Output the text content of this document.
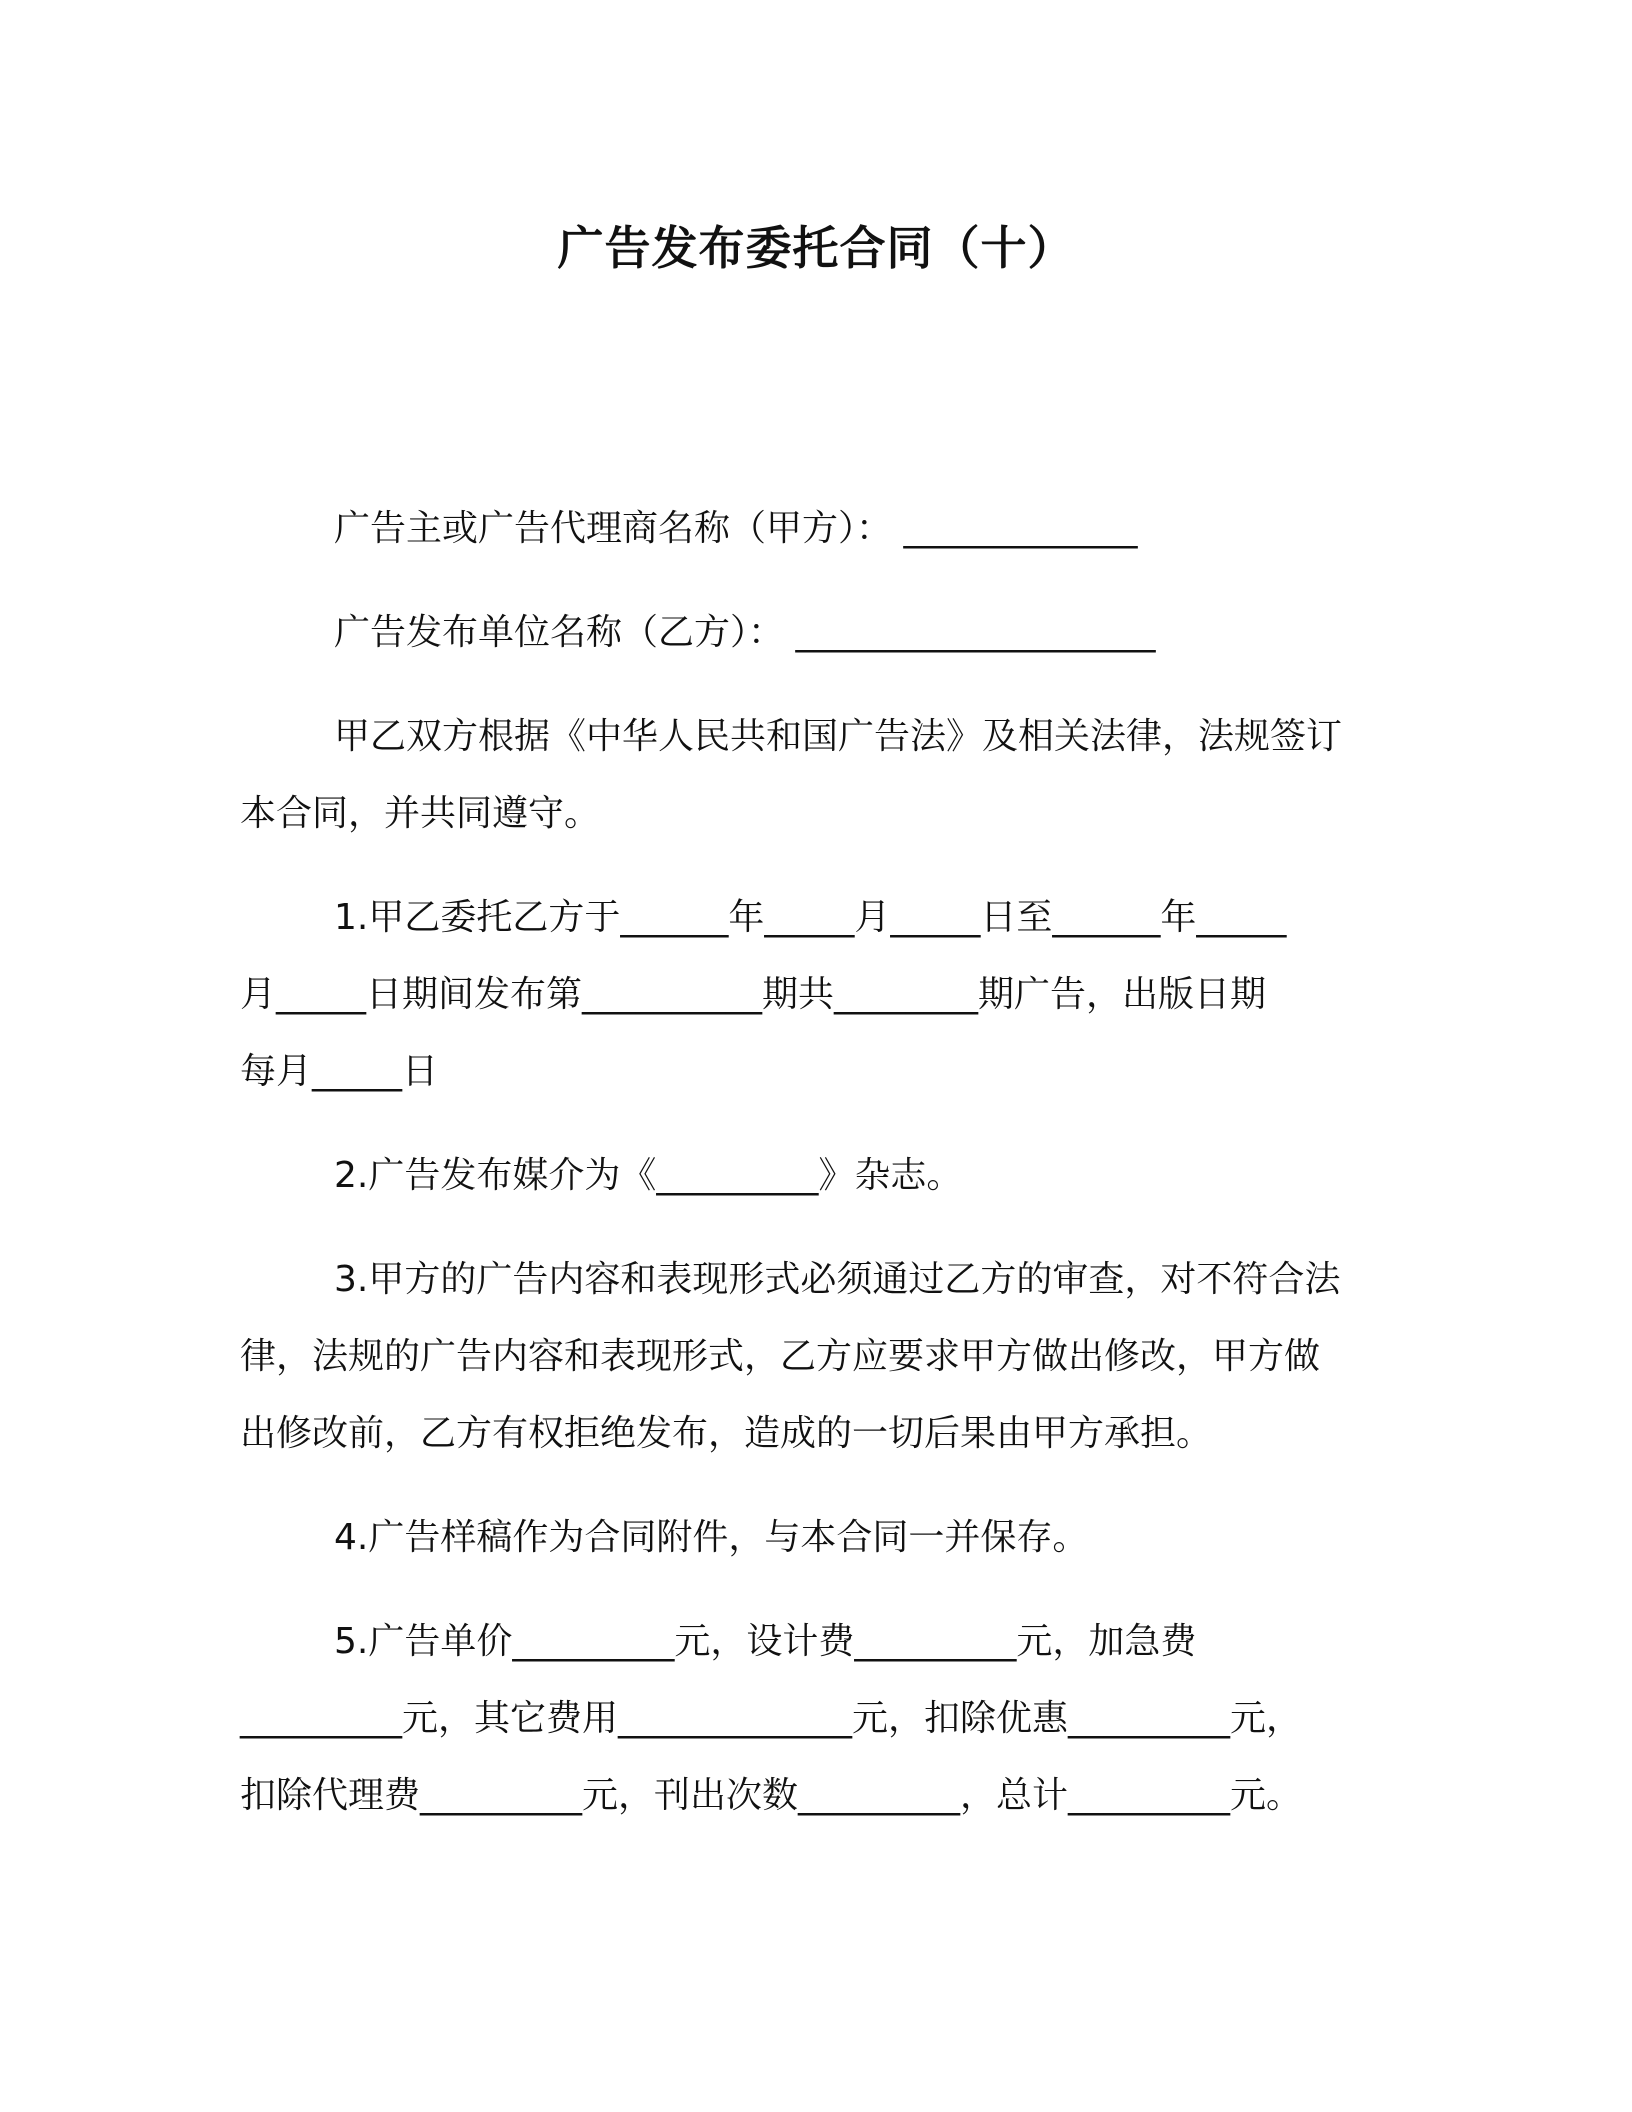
广告发布委托合同（十）

广告主或广告代理商名称（甲方）： _____________

广告发布单位名称（乙方）： ____________________

甲乙双方根据《中华人民共和国广告法》及相关法律，法规签订
本合同，并共同遵守。

1.甲乙委托乙方于______年_____月_____日至______年_____
月_____日期间发布第__________期共________期广告，出版日期
每月_____日

2.广告发布媒介为《_________》杂志。

3.甲方的广告内容和表现形式必须通过乙方的审查，对不符合法
律，法规的广告内容和表现形式，乙方应要求甲方做出修改，甲方做
出修改前，乙方有权拒绝发布，造成的一切后果由甲方承担。

4.广告样稿作为合同附件，与本合同一并保存。

5.广告单价_________元，设计费_________元，加急费
_________元，其它费用_____________元，扣除优惠_________元，
扣除代理费_________元，刊出次数_________，总计_________元。
